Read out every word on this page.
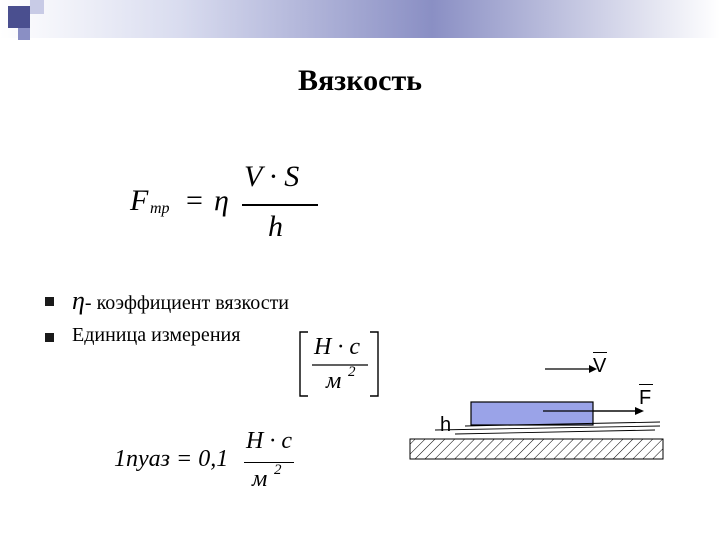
Вязкость
F тр = η
V · S
h
η- коэффициент вязкости
Единица измерения	Н · с
м 2
1пуаз = 0,1
Н · с
м 2
V
F
h
